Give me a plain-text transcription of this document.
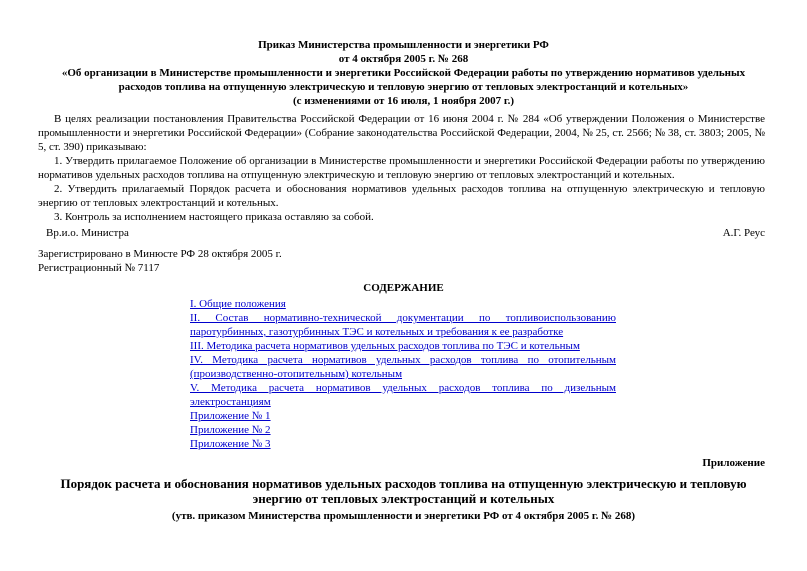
Приказ Министерства промышленности и энергетики РФ
от 4 октября 2005 г. № 268
«Об организации в Министерстве промышленности и энергетики Российской Федерации работы по утверждению нормативов удельных
расходов топлива на отпущенную электрическую и тепловую энергию от тепловых электростанций и котельных»
(с изменениями от 16 июля, 1 ноября 2007 г.)
В целях реализации постановления Правительства Российской Федерации от 16 июня 2004 г. № 284 «Об утверждении Положения о Министерстве промышленности и энергетики Российской Федерации» (Собрание законодательства Российской Федерации, 2004, № 25, ст. 2566; № 38, ст. 3803; 2005, № 5, ст. 390) приказываю:
1. Утвердить прилагаемое Положение об организации в Министерстве промышленности и энергетики Российской Федерации работы по утверждению нормативов удельных расходов топлива на отпущенную электрическую и тепловую энергию от тепловых электростанций и котельных.
2. Утвердить прилагаемый Порядок расчета и обоснования нормативов удельных расходов топлива на отпущенную электрическую и тепловую энергию от тепловых электростанций и котельных.
3. Контроль за исполнением настоящего приказа оставляю за собой.
Вр.и.о. Министра	А.Г. Реус
Зарегистрировано в Минюсте РФ 28 октября 2005 г.
Регистрационный № 7117
СОДЕРЖАНИЕ
I. Общие положения
II. Состав нормативно-технической документации по топливоиспользованию паротурбинных, газотурбинных ТЭС и котельных и требования к ее разработке
III. Методика расчета нормативов удельных расходов топлива по ТЭС и котельным
IV. Методика расчета нормативов удельных расходов топлива по отопительным (производственно-отопительным) котельным
V. Методика расчета нормативов удельных расходов топлива по дизельным электростанциям
Приложение № 1
Приложение № 2
Приложение № 3
Приложение
Порядок расчета и обоснования нормативов удельных расходов топлива на отпущенную электрическую и тепловую энергию от тепловых электростанций и котельных
(утв. приказом Министерства промышленности и энергетики РФ от 4 октября 2005 г. № 268)
